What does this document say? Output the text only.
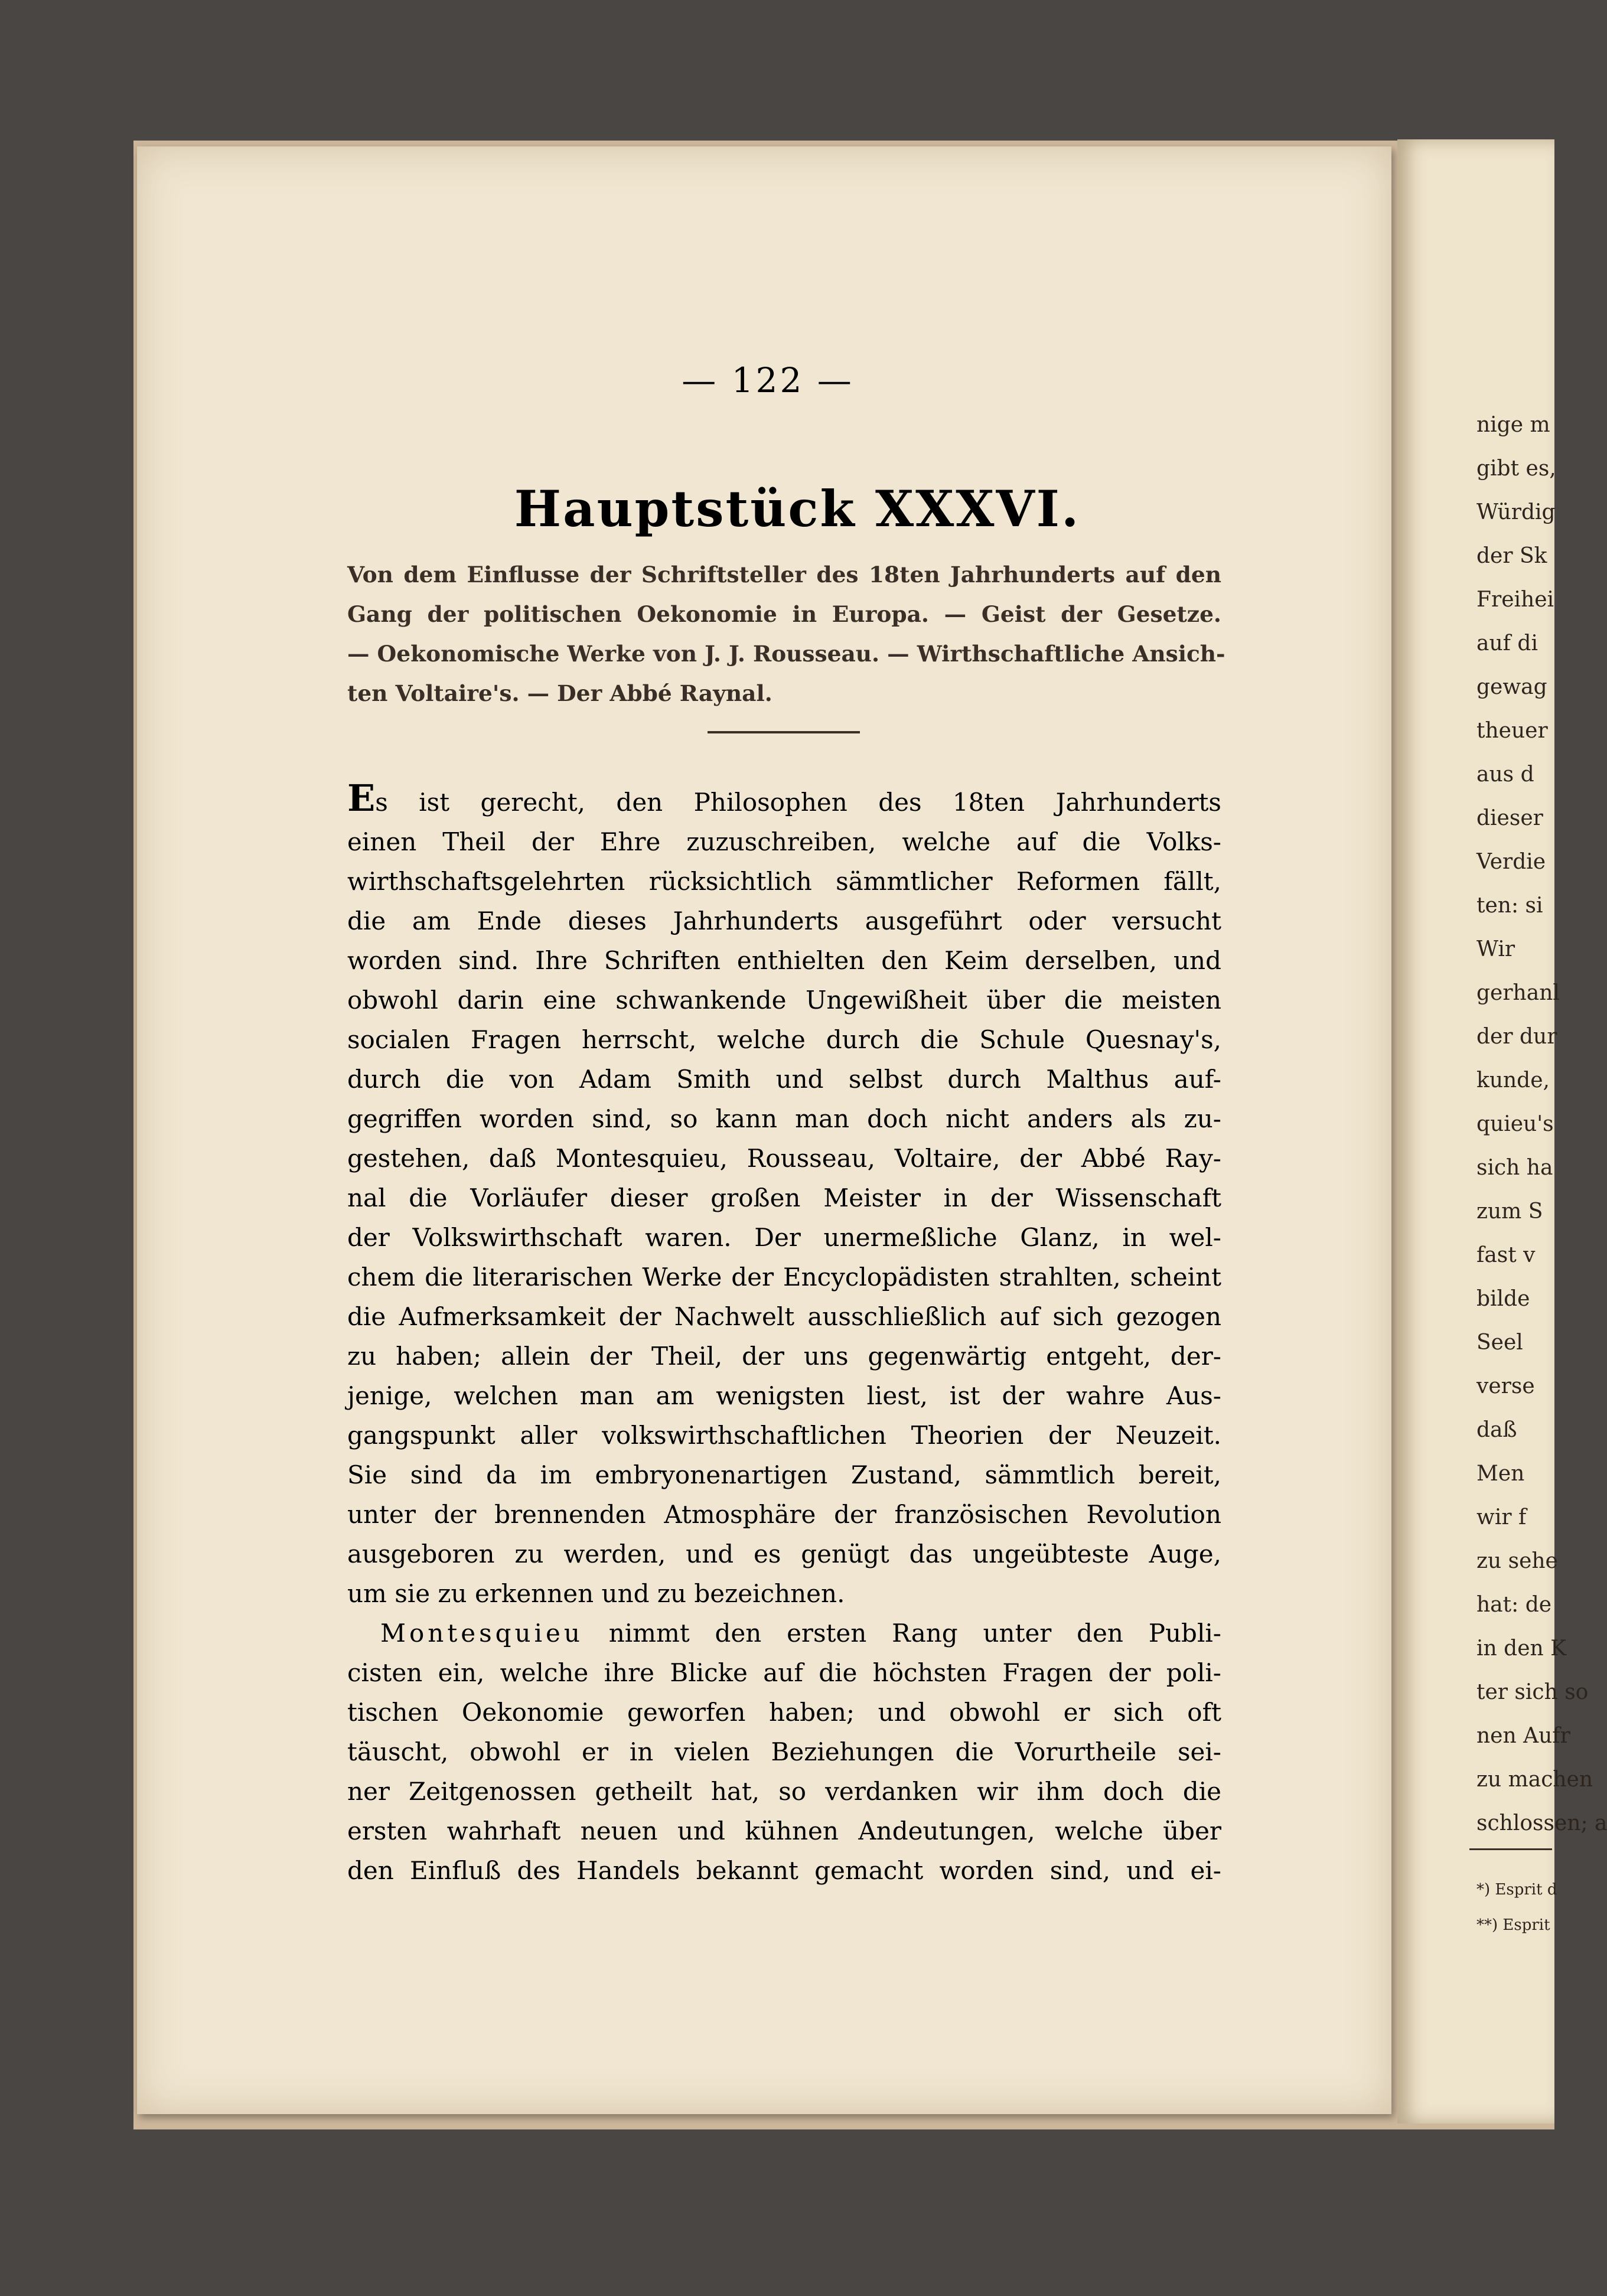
— 122 —
Hauptstück XXXVI.
Von dem Einflusse der Schriftsteller des 18ten Jahrhunderts auf den
Gang der politischen Oekonomie in Europa. — Geist der Gesetze.
— Oekonomische Werke von J. J. Rousseau. — Wirthschaftliche Ansich-
ten Voltaire's. — Der Abbé Raynal.
Es ist gerecht, den Philosophen des 18ten Jahrhunderts
einen Theil der Ehre zuzuschreiben, welche auf die Volks-
wirthschaftsgelehrten rücksichtlich sämmtlicher Reformen fällt,
die am Ende dieses Jahrhunderts ausgeführt oder versucht
worden sind. Ihre Schriften enthielten den Keim derselben, und
obwohl darin eine schwankende Ungewißheit über die meisten
socialen Fragen herrscht, welche durch die Schule Quesnay's,
durch die von Adam Smith und selbst durch Malthus auf-
gegriffen worden sind, so kann man doch nicht anders als zu-
gestehen, daß Montesquieu, Rousseau, Voltaire, der Abbé Ray-
nal die Vorläufer dieser großen Meister in der Wissenschaft
der Volkswirthschaft waren. Der unermeßliche Glanz, in wel-
chem die literarischen Werke der Encyclopädisten strahlten, scheint
die Aufmerksamkeit der Nachwelt ausschließlich auf sich gezogen
zu haben; allein der Theil, der uns gegenwärtig entgeht, der-
jenige, welchen man am wenigsten liest, ist der wahre Aus-
gangspunkt aller volkswirthschaftlichen Theorien der Neuzeit.
Sie sind da im embryonenartigen Zustand, sämmtlich bereit,
unter der brennenden Atmosphäre der französischen Revolution
ausgeboren zu werden, und es genügt das ungeübteste Auge,
um sie zu erkennen und zu bezeichnen.
Montesquieu nimmt den ersten Rang unter den Publi-
cisten ein, welche ihre Blicke auf die höchsten Fragen der poli-
tischen Oekonomie geworfen haben; und obwohl er sich oft
täuscht, obwohl er in vielen Beziehungen die Vorurtheile sei-
ner Zeitgenossen getheilt hat, so verdanken wir ihm doch die
ersten wahrhaft neuen und kühnen Andeutungen, welche über
den Einfluß des Handels bekannt gemacht worden sind, und ei-
nige m
gibt es,
Würdig
der Sk
Freihei
auf di
gewag
theuer
aus d
dieser
Verdie
ten: si
Wir
gerhanl
der dur
kunde,
quieu's
sich ha
zum S
fast v
bilde
Seel
verse
daß
Men
wir f
zu sehe
hat: de
in den K
ter sich so
nen Aufr
zu machen
schlossen; a
*) Esprit d
**) Esprit
